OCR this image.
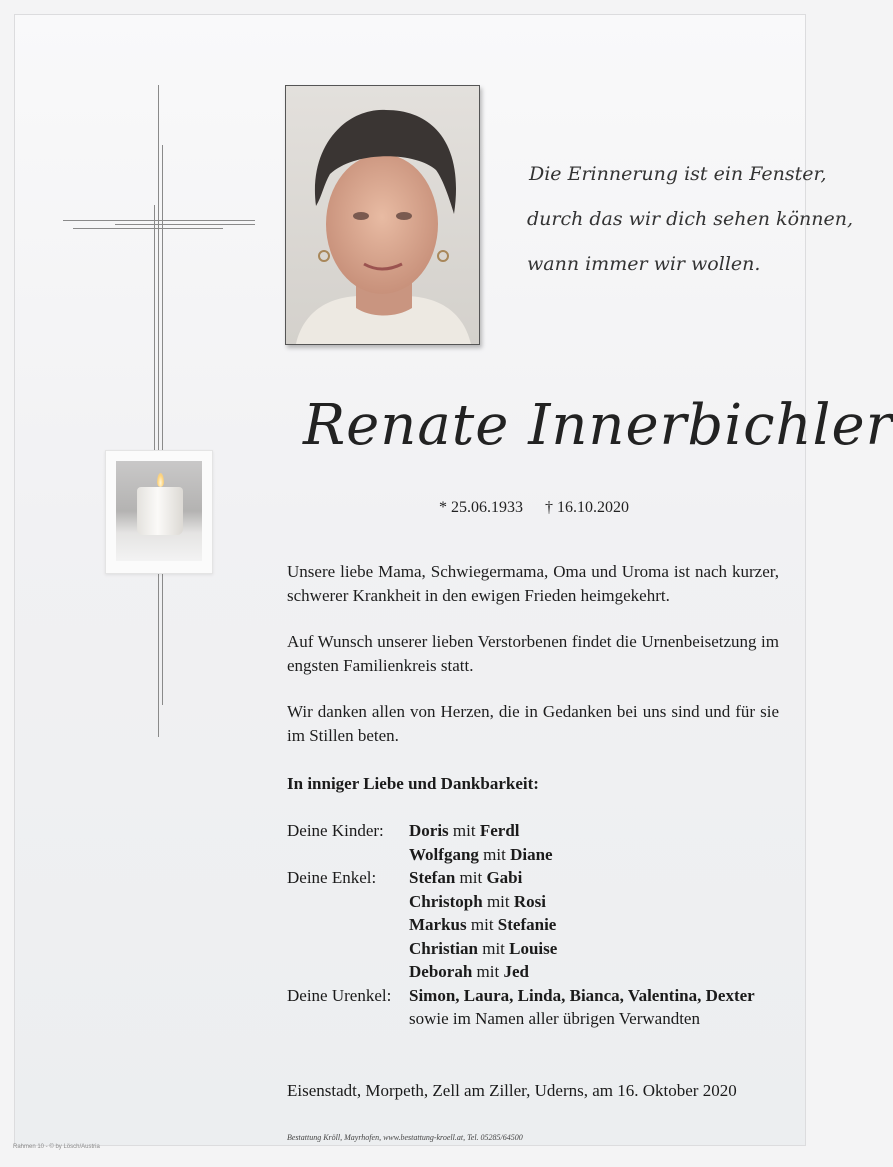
Die Erinnerung ist ein Fenster,
durch das wir dich sehen können,
wann immer wir wollen.
Renate Innerbichler
* 25.06.1933 † 16.10.2020

Unsere liebe Mama, Schwiegermama, Oma und Uroma ist nach kurzer, schwerer Krankheit in den ewigen Frieden heimgekehrt.

Auf Wunsch unserer lieben Verstorbenen findet die Urnenbeisetzung im engsten Familienkreis statt.

Wir danken allen von Herzen, die in Gedanken bei uns sind und für sie im Stillen beten.

In inniger Liebe und Dankbarkeit:
Deine Kinder:	Doris mit Ferdl
Wolfgang mit Diane
Deine Enkel:	Stefan mit Gabi
Christoph mit Rosi
Markus mit Stefanie
Christian mit Louise
Deborah mit Jed
Deine Urenkel:	Simon, Laura, Linda, Bianca, Valentina, Dexter
sowie im Namen aller übrigen Verwandten
Eisenstadt, Morpeth, Zell am Ziller, Uderns, am 16. Oktober 2020
Bestattung Kröll, Mayrhofen, www.bestattung-kroell.at, Tel. 05285/64500
Rahmen 10 - © by Lösch/Austria
